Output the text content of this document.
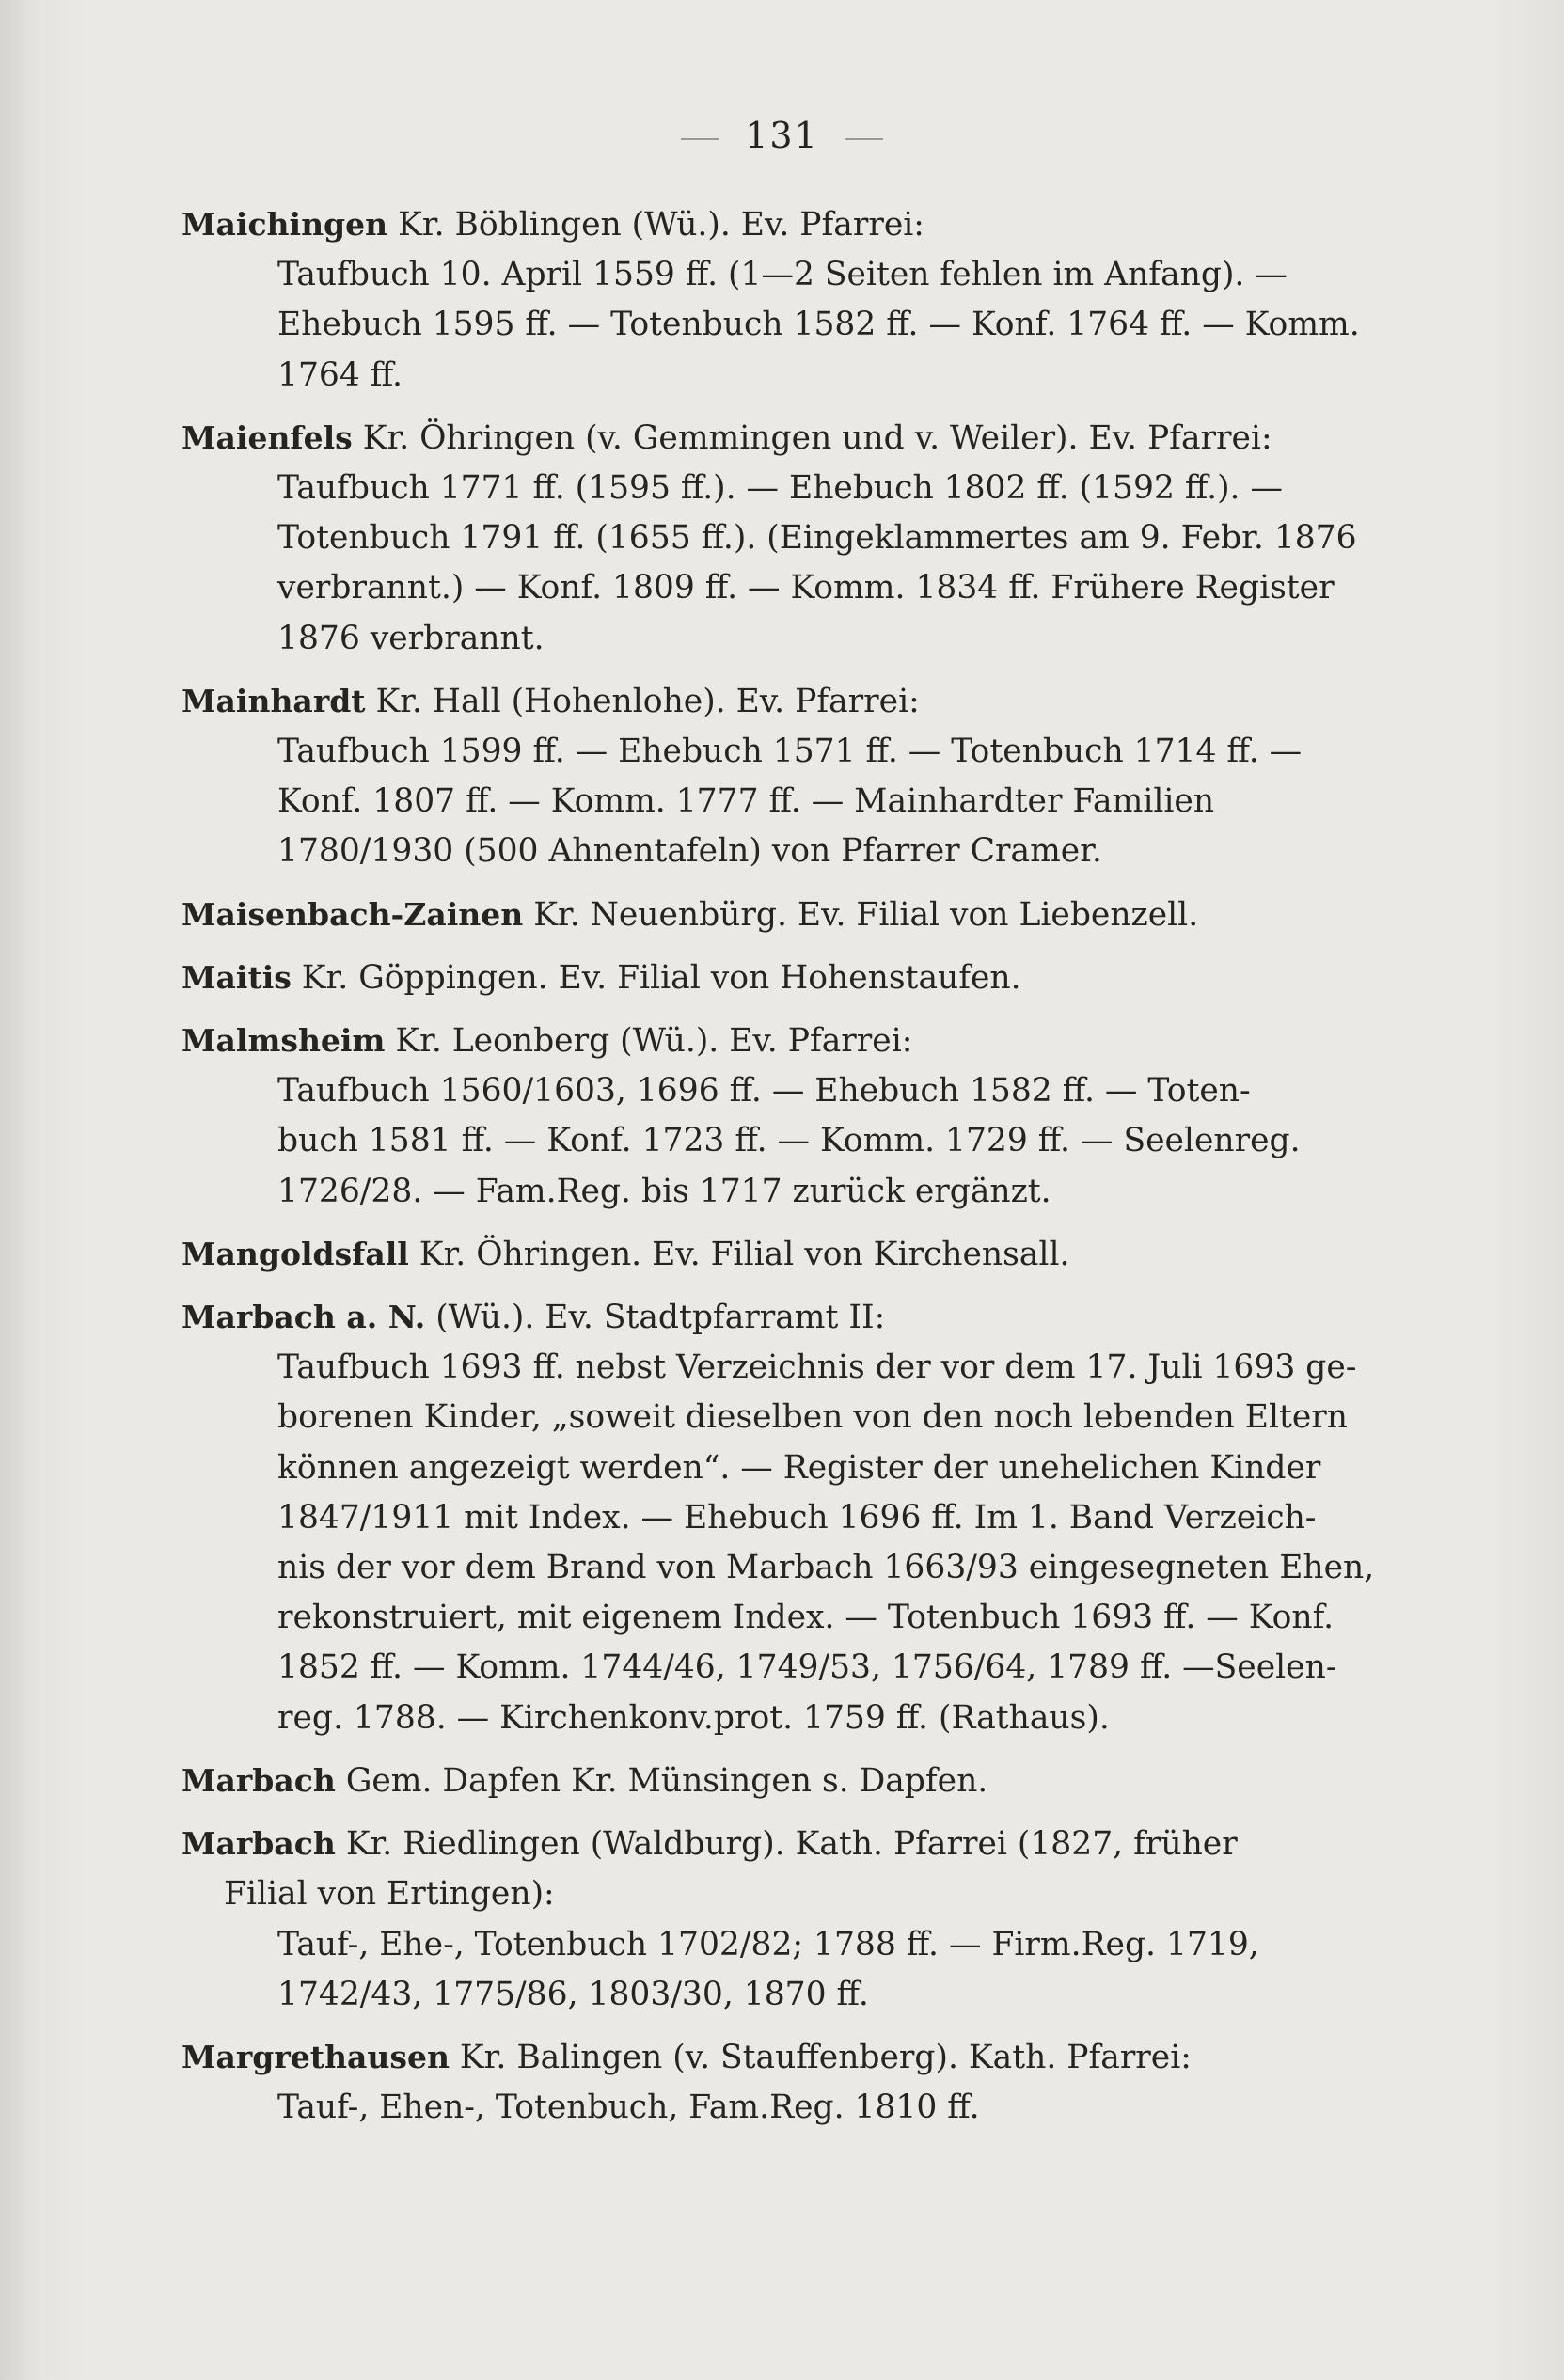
131
Maichingen Kr. Böblingen (Wü.). Ev. Pfarrei:
Taufbuch 10. April 1559 ff. (1—2 Seiten fehlen im Anfang). —
Ehebuch 1595 ff. — Totenbuch 1582 ff. — Konf. 1764 ff. — Komm.
1764 ff.
Maienfels Kr. Öhringen (v. Gemmingen und v. Weiler). Ev. Pfarrei:
Taufbuch 1771 ff. (1595 ff.). — Ehebuch 1802 ff. (1592 ff.). —
Totenbuch 1791 ff. (1655 ff.). (Eingeklammertes am 9. Febr. 1876
verbrannt.) — Konf. 1809 ff. — Komm. 1834 ff. Frühere Register
1876 verbrannt.
Mainhardt Kr. Hall (Hohenlohe). Ev. Pfarrei:
Taufbuch 1599 ff. — Ehebuch 1571 ff. — Totenbuch 1714 ff. —
Konf. 1807 ff. — Komm. 1777 ff. — Mainhardter Familien
1780/1930 (500 Ahnentafeln) von Pfarrer Cramer.
Maisenbach-Zainen Kr. Neuenbürg. Ev. Filial von Liebenzell.
Maitis Kr. Göppingen. Ev. Filial von Hohenstaufen.
Malmsheim Kr. Leonberg (Wü.). Ev. Pfarrei:
Taufbuch 1560/1603, 1696 ff. — Ehebuch 1582 ff. — Toten-
buch 1581 ff. — Konf. 1723 ff. — Komm. 1729 ff. — Seelenreg.
1726/28. — Fam.Reg. bis 1717 zurück ergänzt.
Mangoldsfall Kr. Öhringen. Ev. Filial von Kirchensall.
Marbach a. N. (Wü.). Ev. Stadtpfarramt II:
Taufbuch 1693 ff. nebst Verzeichnis der vor dem 17. Juli 1693 ge-
borenen Kinder, „soweit dieselben von den noch lebenden Eltern
können angezeigt werden“. — Register der unehelichen Kinder
1847/1911 mit Index. — Ehebuch 1696 ff. Im 1. Band Verzeich-
nis der vor dem Brand von Marbach 1663/93 eingesegneten Ehen,
rekonstruiert, mit eigenem Index. — Totenbuch 1693 ff. — Konf.
1852 ff. — Komm. 1744/46, 1749/53, 1756/64, 1789 ff. —Seelen-
reg. 1788. — Kirchenkonv.prot. 1759 ff. (Rathaus).
Marbach Gem. Dapfen Kr. Münsingen s. Dapfen.
Marbach Kr. Riedlingen (Waldburg). Kath. Pfarrei (1827, früher
Filial von Ertingen):
Tauf-, Ehe-, Totenbuch 1702/82; 1788 ff. — Firm.Reg. 1719,
1742/43, 1775/86, 1803/30, 1870 ff.
Margrethausen Kr. Balingen (v. Stauffenberg). Kath. Pfarrei:
Tauf-, Ehen-, Totenbuch, Fam.Reg. 1810 ff.
